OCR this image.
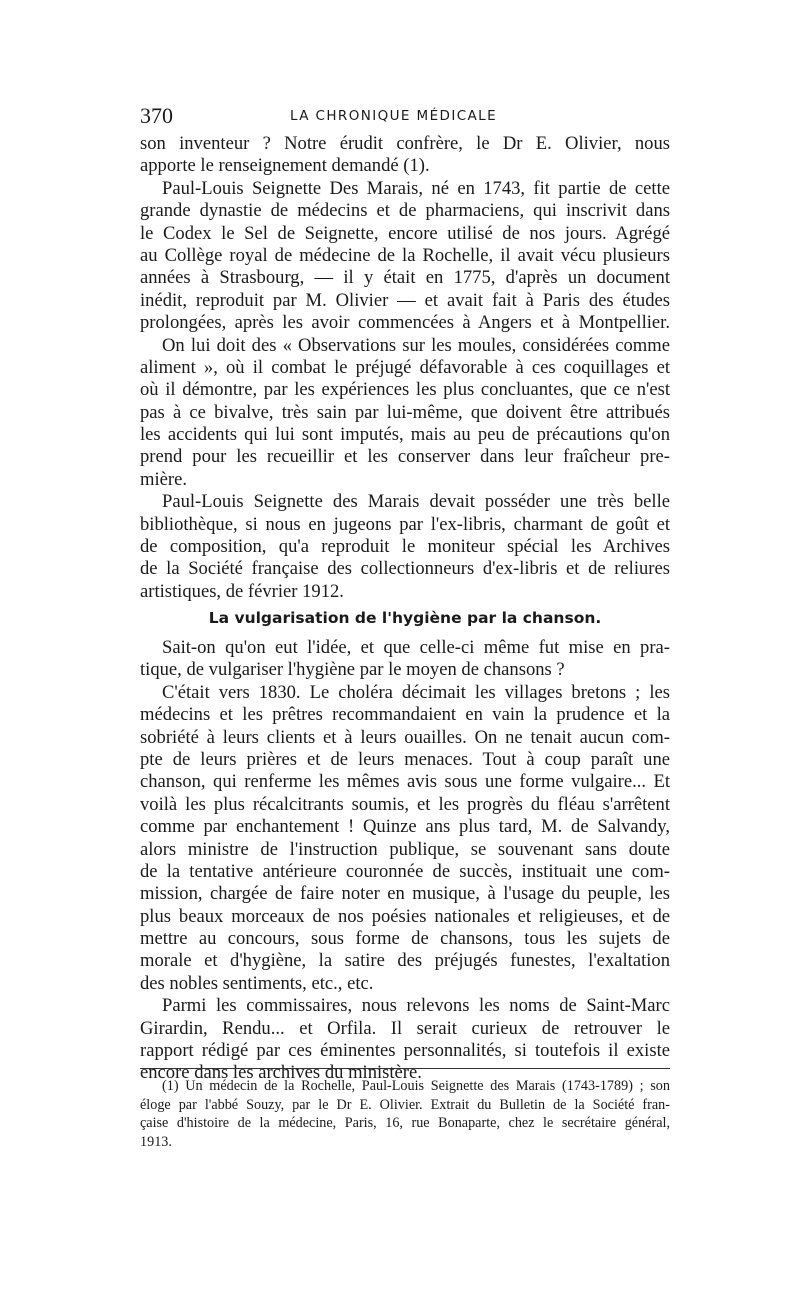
370	LA CHRONIQUE MÉDICALE
son inventeur ? Notre érudit confrère, le Dr E. Olivier, nous
apporte le renseignement demandé (1).
Paul-Louis Seignette Des Marais, né en 1743, fit partie de cette
grande dynastie de médecins et de pharmaciens, qui inscrivit dans
le Codex le Sel de Seignette, encore utilisé de nos jours. Agrégé
au Collège royal de médecine de la Rochelle, il avait vécu plusieurs
années à Strasbourg, — il y était en 1775, d'après un document
inédit, reproduit par M. Olivier — et avait fait à Paris des études
prolongées, après les avoir commencées à Angers et à Montpellier.
On lui doit des « Observations sur les moules, considérées comme
aliment », où il combat le préjugé défavorable à ces coquillages et
où il démontre, par les expériences les plus concluantes, que ce n'est
pas à ce bivalve, très sain par lui-même, que doivent être attribués
les accidents qui lui sont imputés, mais au peu de précautions qu'on
prend pour les recueillir et les conserver dans leur fraîcheur pre-
mière.
Paul-Louis Seignette des Marais devait posséder une très belle
bibliothèque, si nous en jugeons par l'ex-libris, charmant de goût et
de composition, qu'a reproduit le moniteur spécial les Archives
de la Société française des collectionneurs d'ex-libris et de reliures
artistiques, de février 1912.
La vulgarisation de l'hygiène par la chanson.
Sait-on qu'on eut l'idée, et que celle-ci même fut mise en pra-
tique, de vulgariser l'hygiène par le moyen de chansons ?
C'était vers 1830. Le choléra décimait les villages bretons ; les
médecins et les prêtres recommandaient en vain la prudence et la
sobriété à leurs clients et à leurs ouailles. On ne tenait aucun com-
pte de leurs prières et de leurs menaces. Tout à coup paraît une
chanson, qui renferme les mêmes avis sous une forme vulgaire... Et
voilà les plus récalcitrants soumis, et les progrès du fléau s'arrêtent
comme par enchantement ! Quinze ans plus tard, M. de Salvandy,
alors ministre de l'instruction publique, se souvenant sans doute
de la tentative antérieure couronnée de succès, instituait une com-
mission, chargée de faire noter en musique, à l'usage du peuple, les
plus beaux morceaux de nos poésies nationales et religieuses, et de
mettre au concours, sous forme de chansons, tous les sujets de
morale et d'hygiène, la satire des préjugés funestes, l'exaltation
des nobles sentiments, etc., etc.
Parmi les commissaires, nous relevons les noms de Saint-Marc
Girardin, Rendu... et Orfila. Il serait curieux de retrouver le
rapport rédigé par ces éminentes personnalités, si toutefois il existe
encore dans les archives du ministère.
(1) Un médecin de la Rochelle, Paul-Louis Seignette des Marais (1743-1789) ; son
éloge par l'abbé Souzy, par le Dr E. Olivier. Extrait du Bulletin de la Société fran-
çaise d'histoire de la médecine, Paris, 16, rue Bonaparte, chez le secrétaire général,
1913.
